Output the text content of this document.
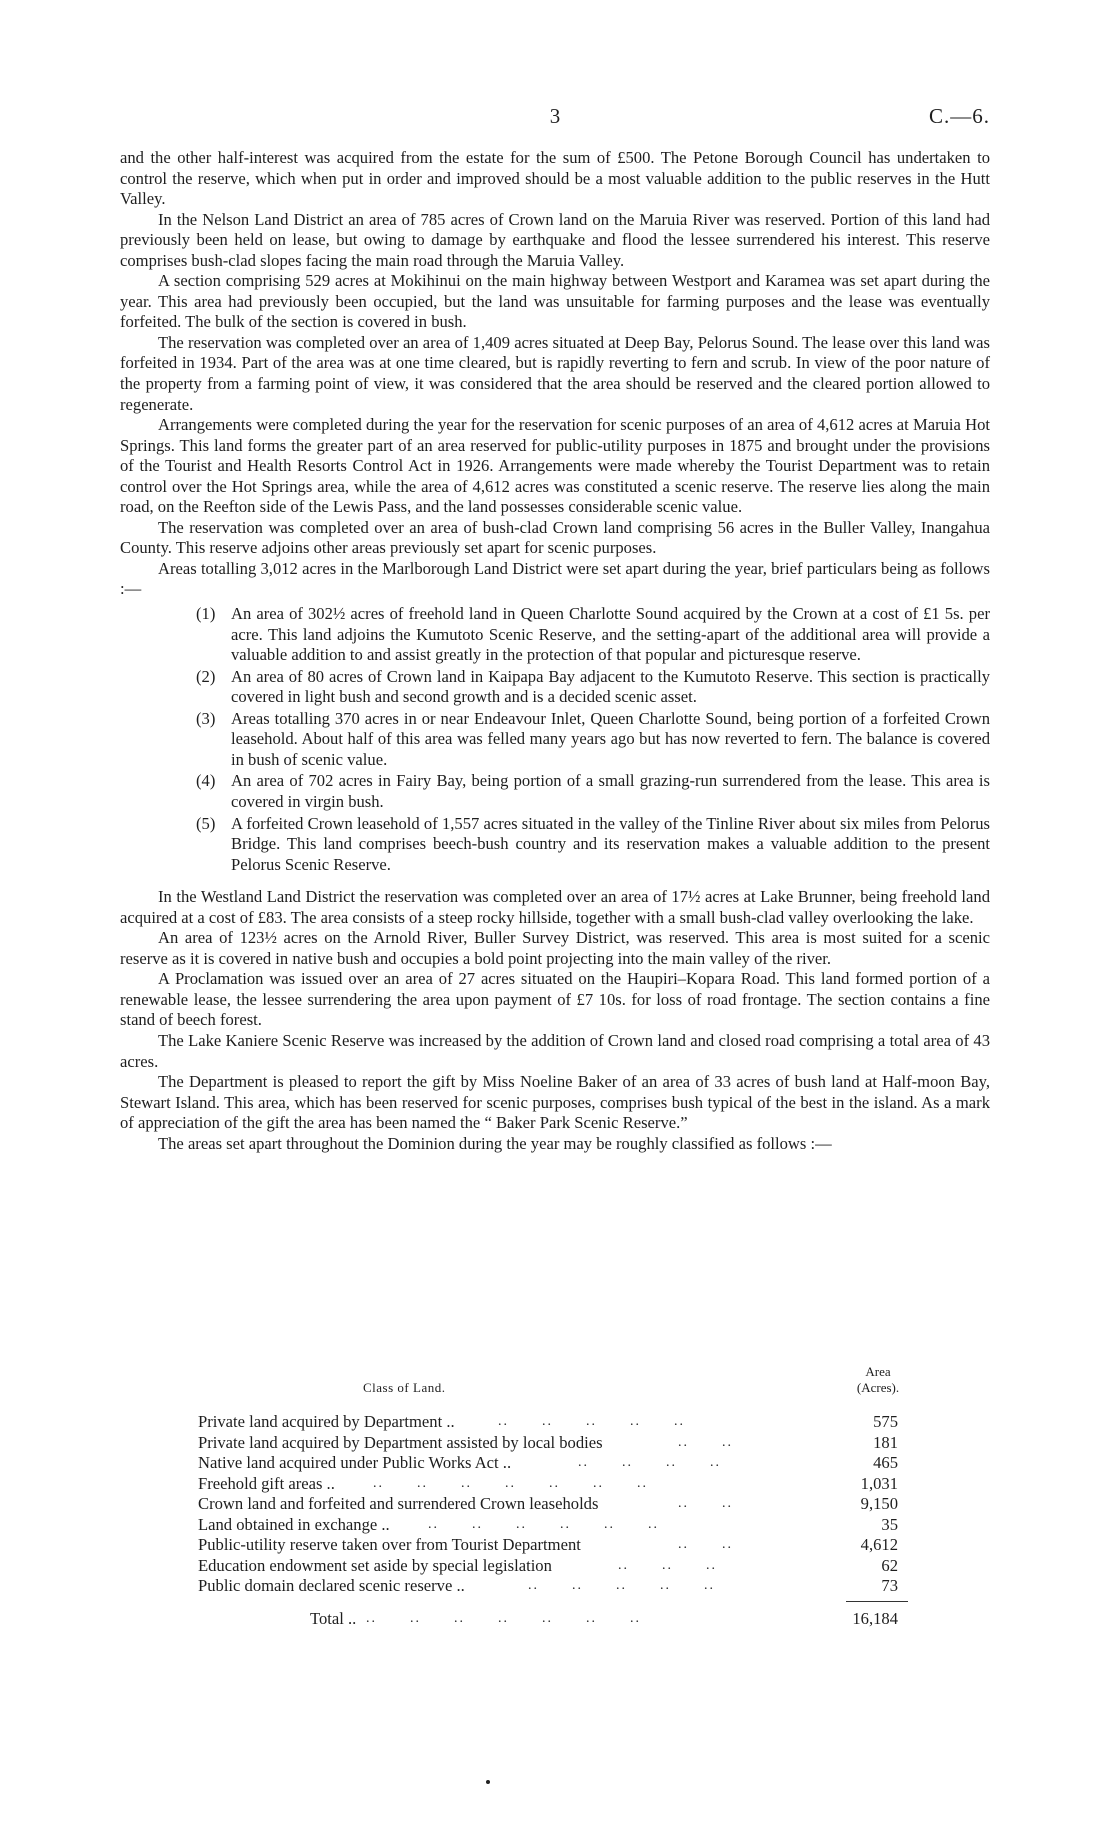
3	C.—6.

and the other half-interest was acquired from the estate for the sum of £500. The Petone Borough Council has undertaken to control the reserve, which when put in order and improved should be a most valuable addition to the public reserves in the Hutt Valley.

In the Nelson Land District an area of 785 acres of Crown land on the Maruia River was reserved. Portion of this land had previously been held on lease, but owing to damage by earthquake and flood the lessee surrendered his interest. This reserve comprises bush-clad slopes facing the main road through the Maruia Valley.

A section comprising 529 acres at Mokihinui on the main highway between Westport and Karamea was set apart during the year. This area had previously been occupied, but the land was unsuitable for farming purposes and the lease was eventually forfeited. The bulk of the section is covered in bush.

The reservation was completed over an area of 1,409 acres situated at Deep Bay, Pelorus Sound. The lease over this land was forfeited in 1934. Part of the area was at one time cleared, but is rapidly reverting to fern and scrub. In view of the poor nature of the property from a farming point of view, it was considered that the area should be reserved and the cleared portion allowed to regenerate.

Arrangements were completed during the year for the reservation for scenic purposes of an area of 4,612 acres at Maruia Hot Springs. This land forms the greater part of an area reserved for public-utility purposes in 1875 and brought under the provisions of the Tourist and Health Resorts Control Act in 1926. Arrangements were made whereby the Tourist Department was to retain control over the Hot Springs area, while the area of 4,612 acres was constituted a scenic reserve. The reserve lies along the main road, on the Reefton side of the Lewis Pass, and the land possesses considerable scenic value.

The reservation was completed over an area of bush-clad Crown land comprising 56 acres in the Buller Valley, Inangahua County. This reserve adjoins other areas previously set apart for scenic purposes.

Areas totalling 3,012 acres in the Marlborough Land District were set apart during the year, brief particulars being as follows :—

(1) An area of 302½ acres of freehold land in Queen Charlotte Sound acquired by the Crown at a cost of £1 5s. per acre. This land adjoins the Kumutoto Scenic Reserve, and the setting-apart of the additional area will provide a valuable addition to and assist greatly in the protection of that popular and picturesque reserve.
(2) An area of 80 acres of Crown land in Kaipapa Bay adjacent to the Kumutoto Reserve. This section is practically covered in light bush and second growth and is a decided scenic asset.
(3) Areas totalling 370 acres in or near Endeavour Inlet, Queen Charlotte Sound, being portion of a forfeited Crown leasehold. About half of this area was felled many years ago but has now reverted to fern. The balance is covered in bush of scenic value.
(4) An area of 702 acres in Fairy Bay, being portion of a small grazing-run surrendered from the lease. This area is covered in virgin bush.
(5) A forfeited Crown leasehold of 1,557 acres situated in the valley of the Tinline River about six miles from Pelorus Bridge. This land comprises beech-bush country and its reservation makes a valuable addition to the present Pelorus Scenic Reserve.

In the Westland Land District the reservation was completed over an area of 17½ acres at Lake Brunner, being freehold land acquired at a cost of £83. The area consists of a steep rocky hillside, together with a small bush-clad valley overlooking the lake.

An area of 123½ acres on the Arnold River, Buller Survey District, was reserved. This area is most suited for a scenic reserve as it is covered in native bush and occupies a bold point projecting into the main valley of the river.

A Proclamation was issued over an area of 27 acres situated on the Haupiri–Kopara Road. This land formed portion of a renewable lease, the lessee surrendering the area upon payment of £7 10s. for loss of road frontage. The section contains a fine stand of beech forest.

The Lake Kaniere Scenic Reserve was increased by the addition of Crown land and closed road comprising a total area of 43 acres.

The Department is pleased to report the gift by Miss Noeline Baker of an area of 33 acres of bush land at Half-moon Bay, Stewart Island. This area, which has been reserved for scenic purposes, comprises bush typical of the best in the island. As a mark of appreciation of the gift the area has been named the “ Baker Park Scenic Reserve.”

The areas set apart throughout the Dominion during the year may be roughly classified as follows :—

Class of Land.
Area
(Acres).
Private land acquired by Department ..	..      ..      ..      ..      ..	575
Private land acquired by Department assisted by local bodies	..      ..	181
Native land acquired under Public Works Act ..	..      ..      ..      ..	465
Freehold gift areas ..	..      ..      ..      ..      ..      ..      ..	1,031
Crown land and forfeited and surrendered Crown leaseholds	..      ..	9,150
Land obtained in exchange ..	..      ..      ..      ..      ..      ..	35
Public-utility reserve taken over from Tourist Department	..      ..	4,612
Education endowment set aside by special legislation	..      ..      ..	62
Public domain declared scenic reserve ..	..      ..      ..      ..      ..	73
Total .. ..      ..      ..      ..      ..      ..      ..	16,184
